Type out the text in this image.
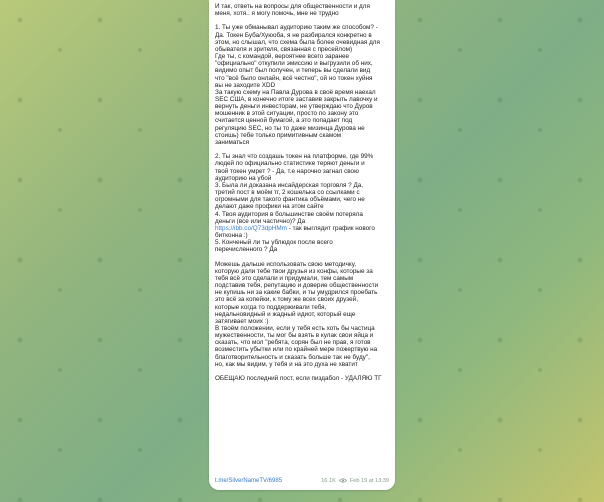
И так, ответь на вопросы для общественности и для
меня, хотя.. я могу помочь, мне не трудно
1. Ты уже обманывал аудиторию таким же способом? -
Да. Токен Буба/Хуюоба, я не разбирался конкретно в
этом, но слышал, что схема была более очевидная для
обывателя и зрителя, связанная с пресейлом)
Где ты, с командой, вероятнее всего заранее
"официально" откупили эмиссию и выгрузили об них,
видимо опыт был получен, и теперь вы сделали вид
что "всё было онлайн, всё честно", ой но токен хуйня
вы не заходите XDD
За такую схему на Павла Дурова в своё время наехал
SEC США, в конечно итоге заставив закрыть лавочку и
вернуть деньги инвесторам, не утверждаю что Дуров
мошенник в этой ситуации, просто по закону это
считается ценной бумагой, а это попадает под
регуляцию SEC, но ты то даже мизинца Дурова не
стоишь) тебе только примитивным скамом
заниматься
2. Ты знал что создашь токен на платформе, где 99%
людей по официально статистике теряют деньги и
твой токен умрет ? - Да, т.е нарочно загнал свою
аудиторию на убой
3. Была ли доказана инсайдерская торговля ? Да,
третий пост в моём тг, 2 кошелька со ссылками с
огромными для такого фантика объёмами, чего не
делают даже профики на этом сайте
4. Твоя аудитория в большинстве своём потеряла
деньги (все или частично)? Да
https://ibb.co/Q73dpHMm - так выглядит график нового
битконна :)
5. Конченый ли ты ублюдок после всего
перечисленного ? Да
Можешь дальше использовать свою методичку,
которую дали тебе твои друзья из конфы, которые за
тебя всё это сделали и придумали, тем самым
подставив тебя, репутацию и доверие общественности
не купишь ни за какие бабки, и ты умудрился проебать
это всё за копейки, к тому же всех своих друзей,
которые когда то поддерживали тебя,
недальновидный и жадный идиот, который еще
затягивает моих :)
В твоём положении, если у тебя есть хоть бы частица
мужественности, ты мог бы взять в кулак свои яйца и
сказать, что мол "ребята, сорян был не прав, я готов
возместить убытки или по крайней мере пожертвую на
благотворительность и сказать больше так не буду",
но, как мы видим, у тебя и на это духа не хватит
ОБЕЩАЮ последний пост, если пиздабол - УДАЛЯЮ ТГ
t.me/SilverNameTV/6985	16.1K	Feb 19 at 13:39
